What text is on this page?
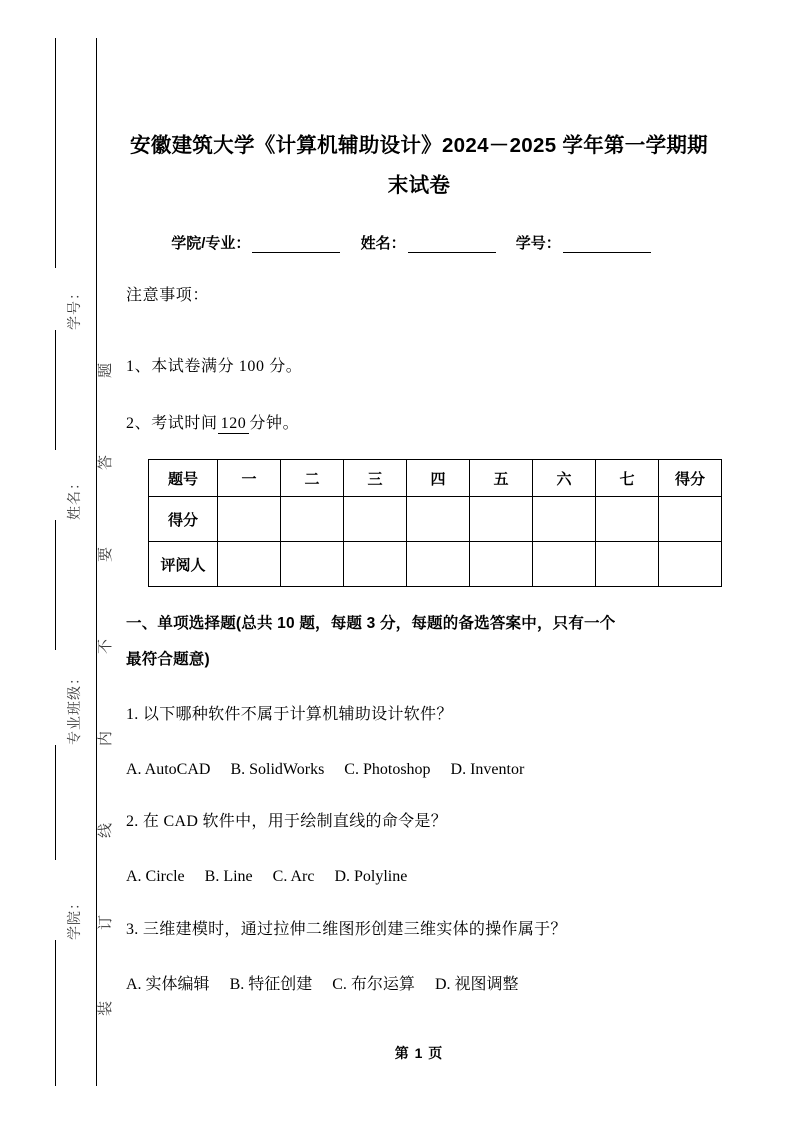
学号：
姓名：
专业班级：
学院：
题
答
要
不
内
线
订
装
安徽建筑大学《计算机辅助设计》2024－2025 学年第一学期期末试卷
学院/专业：	姓名：	学号：
注意事项：
1、本试卷满分 100 分。
2、考试时间 120 分钟。
题号	一	二	三	四	五	六	七	得分
得分								
评阅人								
一、单项选择题(总共 10 题，每题 3 分，每题的备选答案中，只有一个
最符合题意)
1. 以下哪种软件不属于计算机辅助设计软件？
A. AutoCAD B. SolidWorks C. Photoshop D. Inventor
2. 在 CAD 软件中，用于绘制直线的命令是？
A. Circle B. Line C. Arc D. Polyline
3. 三维建模时，通过拉伸二维图形创建三维实体的操作属于？
A. 实体编辑 B. 特征创建 C. 布尔运算 D. 视图调整
第 1 页
